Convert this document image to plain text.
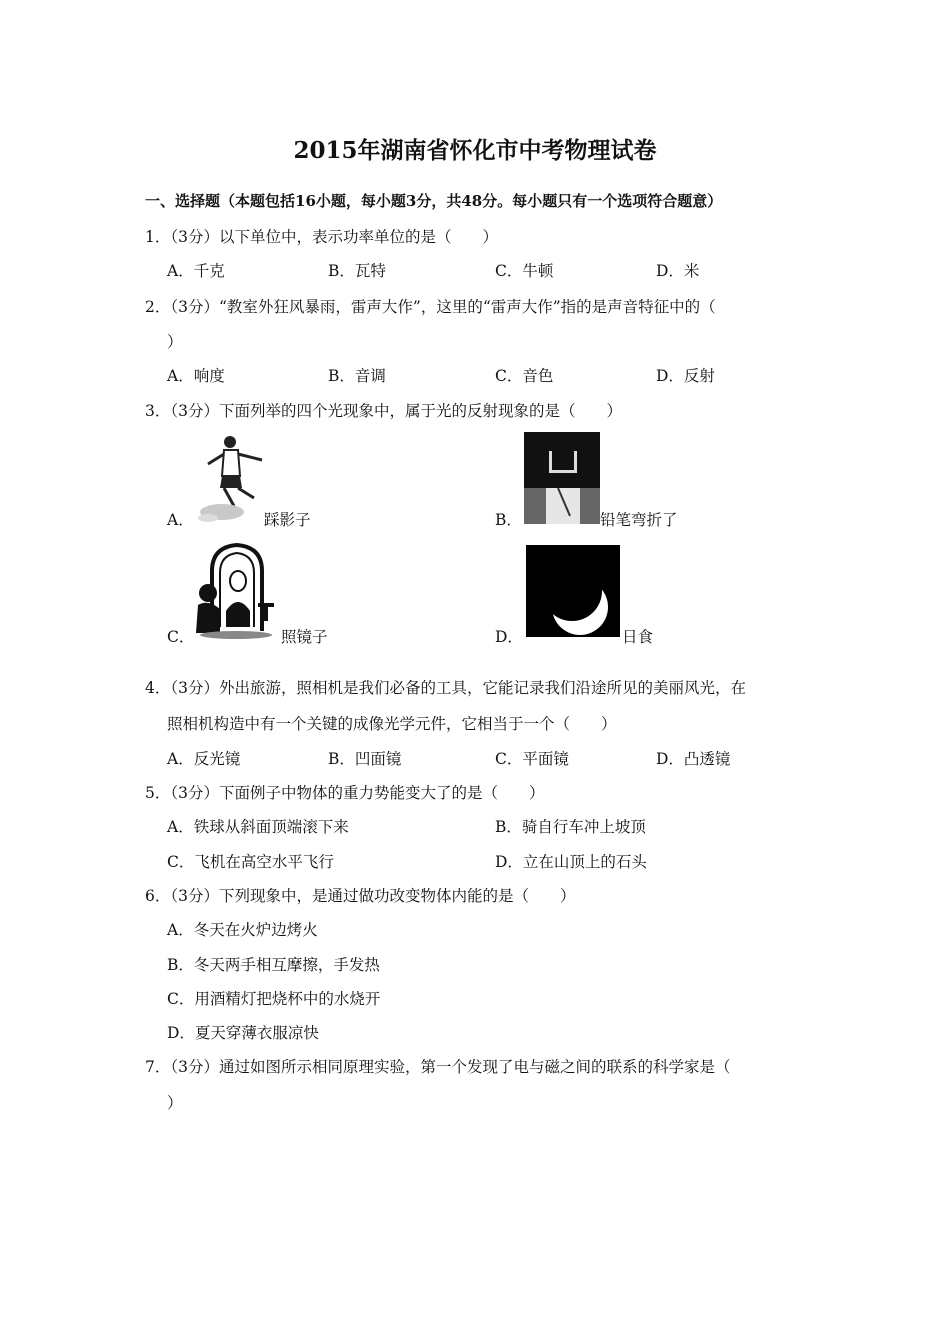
2015年湖南省怀化市中考物理试卷
一、选择题（本题包括16小题，每小题3分，共48分。每小题只有一个选项符合题意）
1．（3分）以下单位中，表示功率单位的是（　　）
A．千克	B．瓦特	C．牛顿	D．米
2．（3分）“教室外狂风暴雨，雷声大作”，这里的“雷声大作”指的是声音特征中的（
）
A．响度	B．音调	C．音色	D．反射
3．（3分）下面列举的四个光现象中，属于光的反射现象的是（　　）
A．	踩影子	B．	铅笔弯折了
C．	照镜子	D．	日食
4．（3分）外出旅游，照相机是我们必备的工具，它能记录我们沿途所见的美丽风光，在
照相机构造中有一个关键的成像光学元件，它相当于一个（　　）
A．反光镜	B．凹面镜	C．平面镜	D．凸透镜
5．（3分）下面例子中物体的重力势能变大了的是（　　）
A．铁球从斜面顶端滚下来	B．骑自行车冲上坡顶
C．飞机在高空水平飞行	D．立在山顶上的石头
6．（3分）下列现象中，是通过做功改变物体内能的是（　　）
A．冬天在火炉边烤火
B．冬天两手相互摩擦，手发热
C．用酒精灯把烧杯中的水烧开
D．夏天穿薄衣服凉快
7．（3分）通过如图所示相同原理实验，第一个发现了电与磁之间的联系的科学家是（
）
